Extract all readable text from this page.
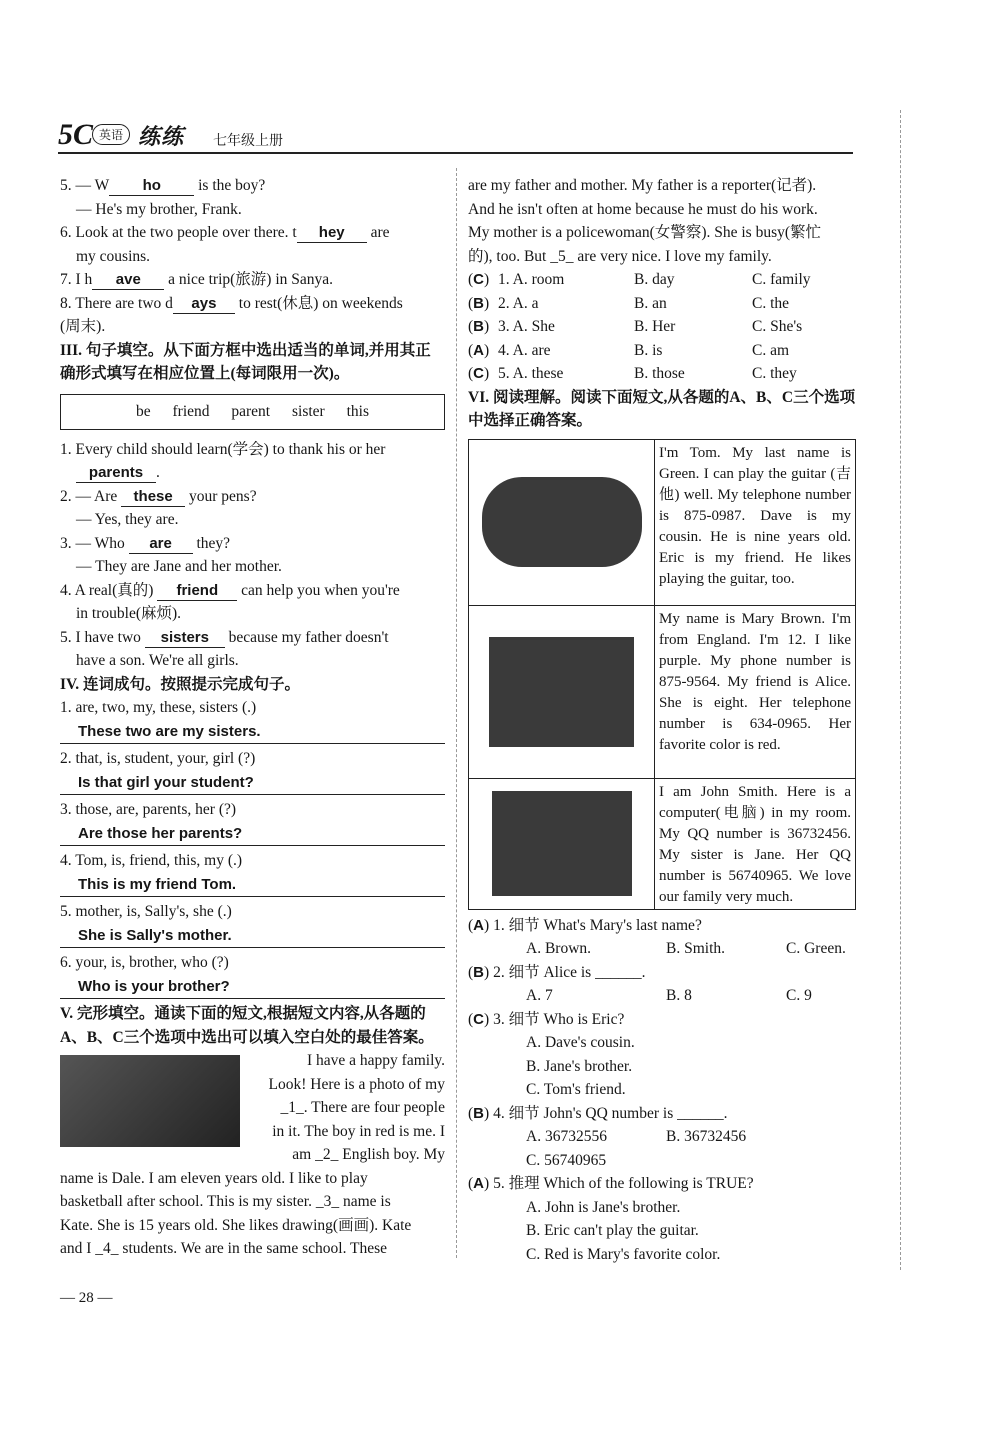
5C 英语 练练 七年级上册
5. — W ho is the boy?
— He's my brother, Frank.
6. Look at the two people over there. t hey are
my cousins.
7. I h ave a nice trip(旅游) in Sanya.
8. There are two d ays to rest(休息) on weekends
(周末).
III. 句子填空。从下面方框中选出适当的单词,并用其正确形式填写在相应位置上(每词限用一次)。
be friend parent sister this
1. Every child should learn(学会) to thank his or her
parents .
2. — Are these your pens?
— Yes, they are.
3. — Who are they?
— They are Jane and her mother.
4. A real(真的) friend can help you when you're
in trouble(麻烦).
5. I have two sisters because my father doesn't
have a son. We're all girls.
IV. 连词成句。按照提示完成句子。
1. are, two, my, these, sisters (.)
These two are my sisters.
2. that, is, student, your, girl (?)
Is that girl your student?
3. those, are, parents, her (?)
Are those her parents?
4. Tom, is, friend, this, my (.)
This is my friend Tom.
5. mother, is, Sally's, she (.)
She is Sally's mother.
6. your, is, brother, who (?)
Who is your brother?
V. 完形填空。通读下面的短文,根据短文内容,从各题的A、B、C三个选项中选出可以填入空白处的最佳答案。
I have a happy family.
Look! Here is a photo of my
_1_. There are four people
in it. The boy in red is me. I
am _2_ English boy. My
name is Dale. I am eleven years old. I like to play
basketball after school. This is my sister. _3_ name is
Kate. She is 15 years old. She likes drawing(画画). Kate
and I _4_ students. We are in the same school. These
are my father and mother. My father is a reporter(记者).
And he isn't often at home because he must do his work.
My mother is a policewoman(女警察). She is busy(繁忙
的), too. But _5_ are very nice. I love my family.
(C) 1. A. room	B. day	C. family
(B) 2. A. a	B. an	C. the
(B) 3. A. She	B. Her	C. She's
(A) 4. A. are	B. is	C. am
(C) 5. A. these	B. those	C. they
VI. 阅读理解。阅读下面短文,从各题的A、B、C三个选项中选择正确答案。
I'm Tom. My last name is Green. I can play the guitar (吉他) well. My telephone number is 875-0987. Dave is my cousin. He is nine years old. Eric is my friend. He likes playing the guitar, too.
My name is Mary Brown. I'm from England. I'm 12. I like purple. My phone number is 875-9564. My friend is Alice. She is eight. Her telephone number is 634-0965. Her favorite color is red.
I am John Smith. Here is a computer(电脑) in my room. My QQ number is 36732456. My sister is Jane. Her QQ number is 56740965. We love our family very much.
(A) 1. 细节 What's Mary's last name?
A. Brown.	B. Smith.	C. Green.
(B) 2. 细节 Alice is ______.
A. 7	B. 8	C. 9
(C) 3. 细节 Who is Eric?
A. Dave's cousin.
B. Jane's brother.
C. Tom's friend.
(B) 4. 细节 John's QQ number is ______.
A. 36732556	B. 36732456
C. 56740965
(A) 5. 推理 Which of the following is TRUE?
A. John is Jane's brother.
B. Eric can't play the guitar.
C. Red is Mary's favorite color.
— 28 —
